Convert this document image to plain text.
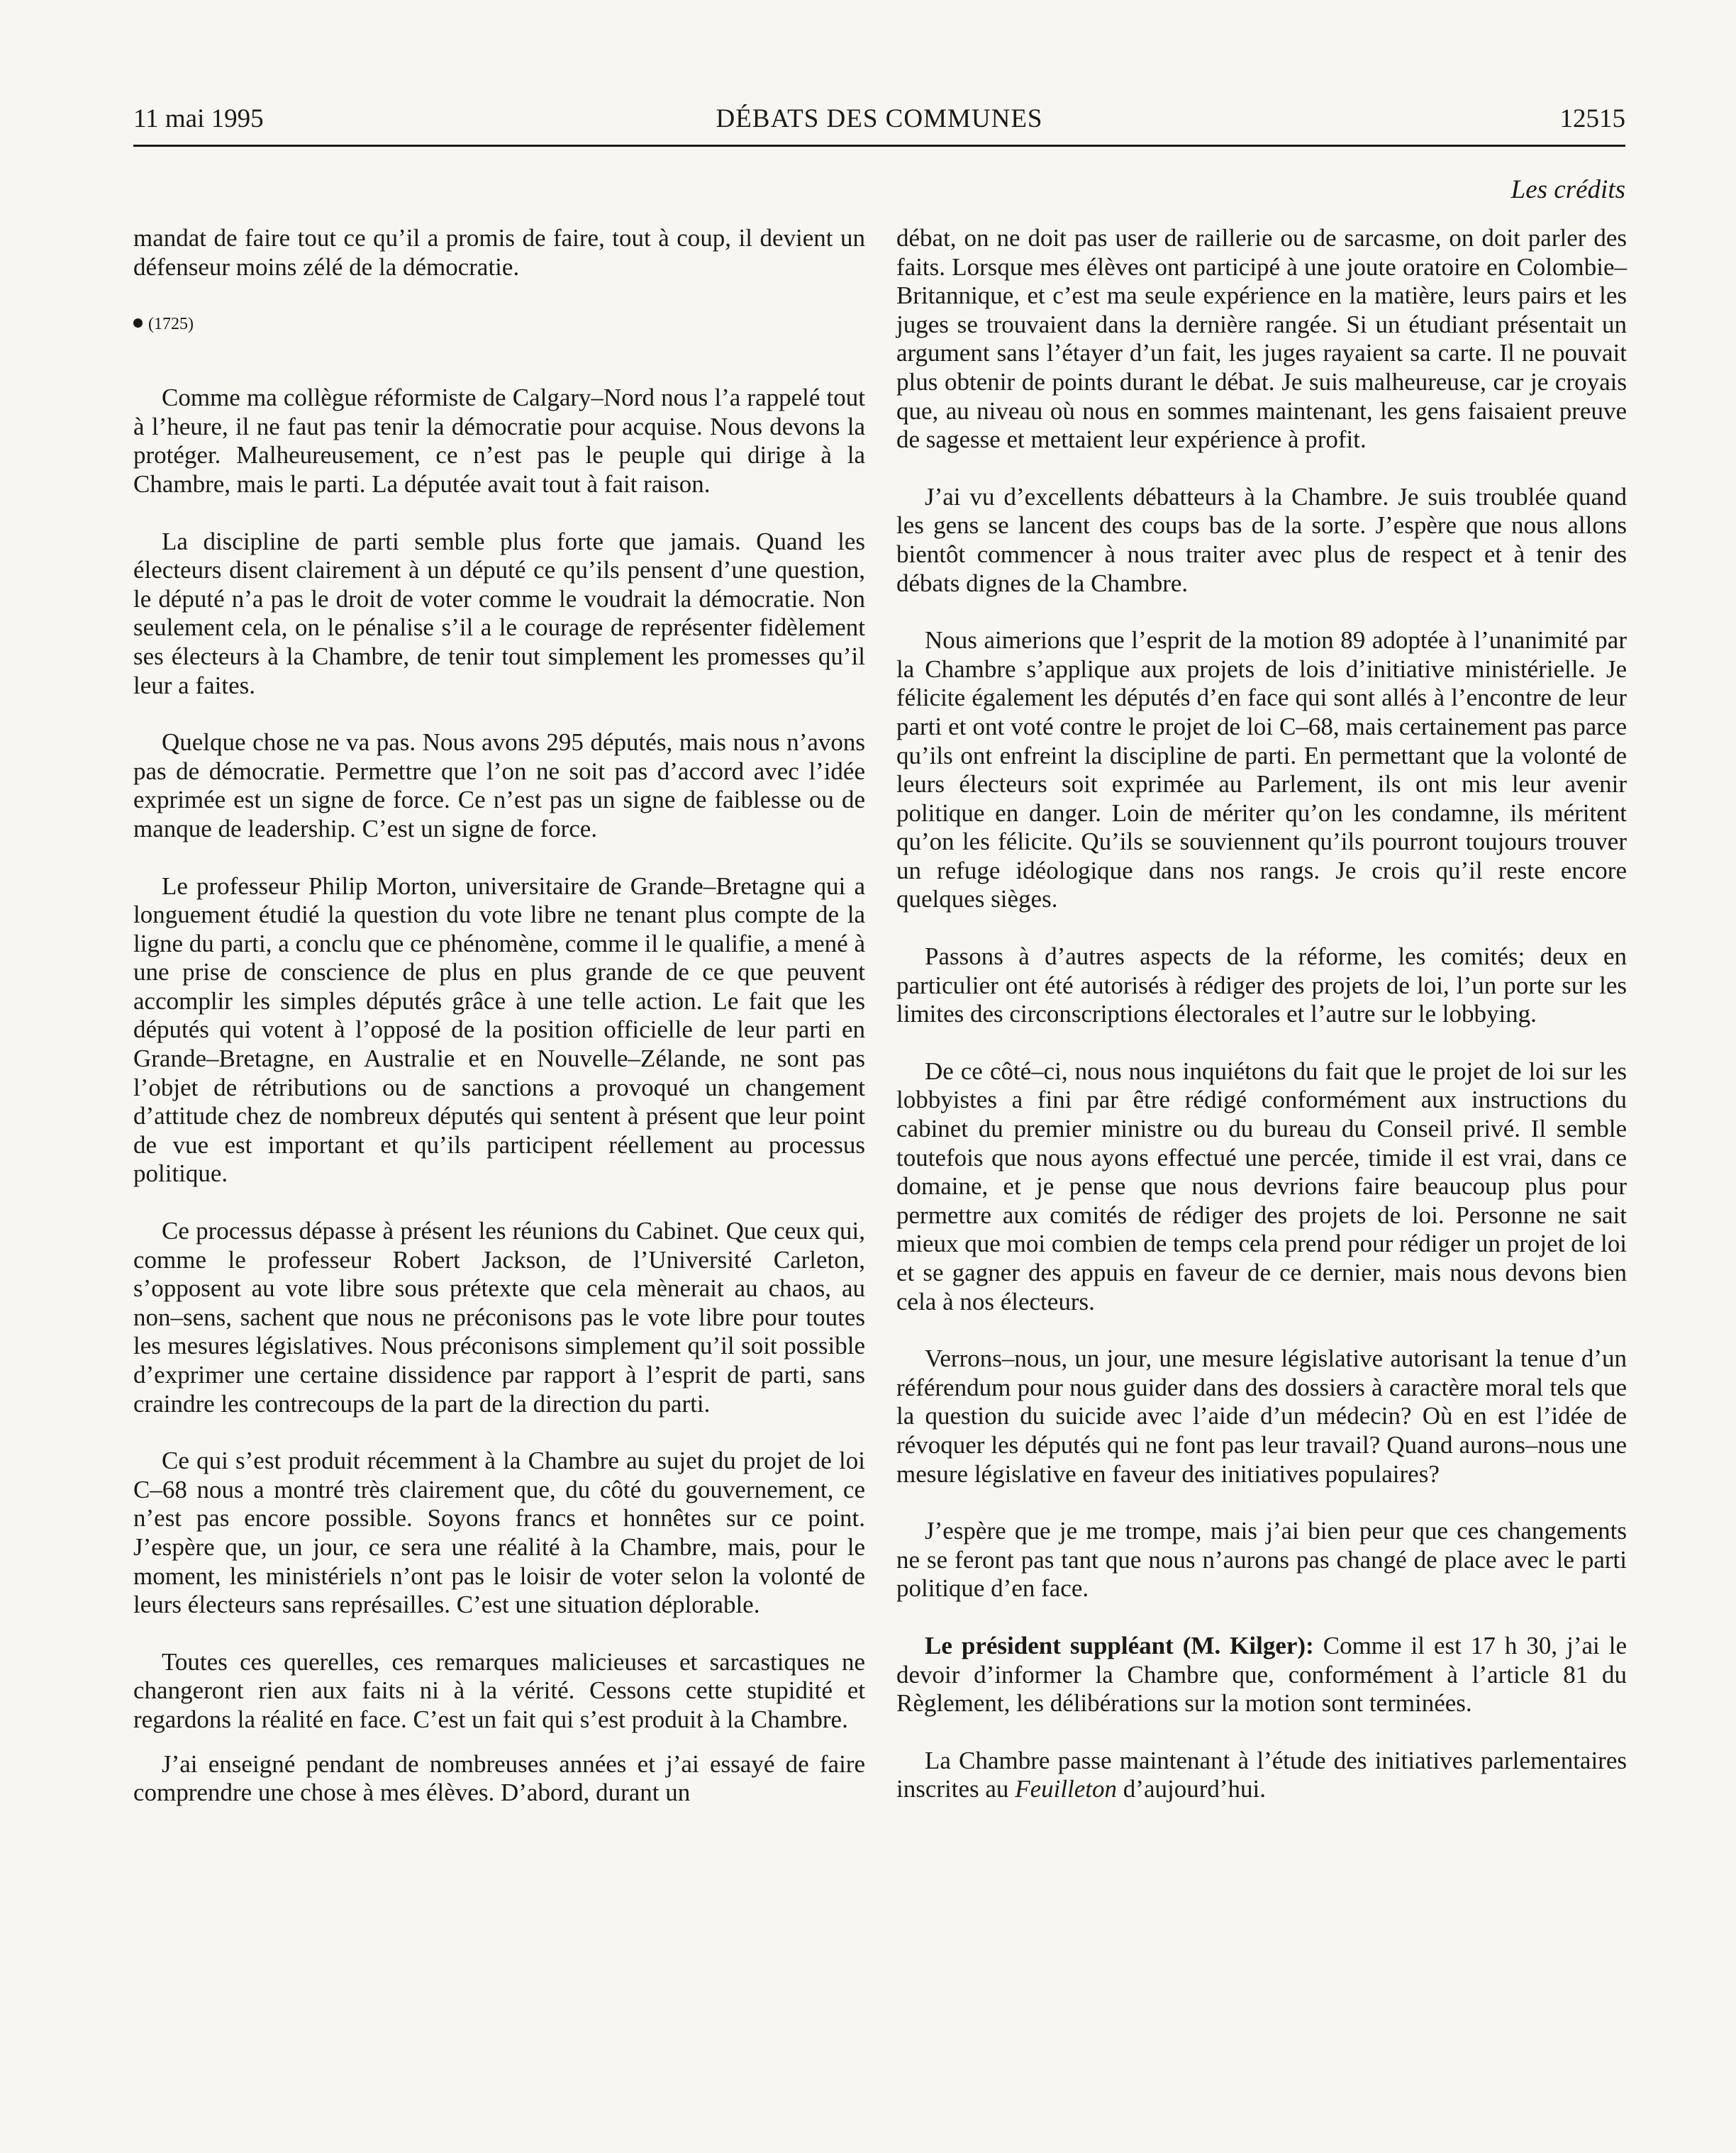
11 mai 1995	DÉBATS DES COMMUNES	12515
Les crédits

mandat de faire tout ce qu’il a promis de faire, tout à coup, il devient un défenseur moins zélé de la démocratie.

(1725)

Comme ma collègue réformiste de Calgary–Nord nous l’a rappelé tout à l’heure, il ne faut pas tenir la démocratie pour acquise. Nous devons la protéger. Malheureusement, ce n’est pas le peuple qui dirige à la Chambre, mais le parti. La députée avait tout à fait raison.

La discipline de parti semble plus forte que jamais. Quand les électeurs disent clairement à un député ce qu’ils pensent d’une question, le député n’a pas le droit de voter comme le voudrait la démocratie. Non seulement cela, on le pénalise s’il a le courage de représenter fidèlement ses électeurs à la Chambre, de tenir tout simplement les promesses qu’il leur a faites.

Quelque chose ne va pas. Nous avons 295 députés, mais nous n’avons pas de démocratie. Permettre que l’on ne soit pas d’accord avec l’idée exprimée est un signe de force. Ce n’est pas un signe de faiblesse ou de manque de leadership. C’est un signe de force.

Le professeur Philip Morton, universitaire de Grande–Bretagne qui a longuement étudié la question du vote libre ne tenant plus compte de la ligne du parti, a conclu que ce phénomène, comme il le qualifie, a mené à une prise de conscience de plus en plus grande de ce que peuvent accomplir les simples députés grâce à une telle action. Le fait que les députés qui votent à l’opposé de la position officielle de leur parti en Grande–Bretagne, en Australie et en Nouvelle–Zélande, ne sont pas l’objet de rétributions ou de sanctions a provoqué un changement d’attitude chez de nombreux députés qui sentent à présent que leur point de vue est important et qu’ils participent réellement au processus politique.

Ce processus dépasse à présent les réunions du Cabinet. Que ceux qui, comme le professeur Robert Jackson, de l’Université Carleton, s’opposent au vote libre sous prétexte que cela mènerait au chaos, au non–sens, sachent que nous ne préconisons pas le vote libre pour toutes les mesures législatives. Nous préconisons simplement qu’il soit possible d’exprimer une certaine dissidence par rapport à l’esprit de parti, sans craindre les contrecoups de la part de la direction du parti.

Ce qui s’est produit récemment à la Chambre au sujet du projet de loi C–68 nous a montré très clairement que, du côté du gouvernement, ce n’est pas encore possible. Soyons francs et honnêtes sur ce point. J’espère que, un jour, ce sera une réalité à la Chambre, mais, pour le moment, les ministériels n’ont pas le loisir de voter selon la volonté de leurs électeurs sans représailles. C’est une situation déplorable.

Toutes ces querelles, ces remarques malicieuses et sarcastiques ne changeront rien aux faits ni à la vérité. Cessons cette stupidité et regardons la réalité en face. C’est un fait qui s’est produit à la Chambre.

J’ai enseigné pendant de nombreuses années et j’ai essayé de faire comprendre une chose à mes élèves. D’abord, durant un

débat, on ne doit pas user de raillerie ou de sarcasme, on doit parler des faits. Lorsque mes élèves ont participé à une joute oratoire en Colombie–Britannique, et c’est ma seule expérience en la matière, leurs pairs et les juges se trouvaient dans la dernière rangée. Si un étudiant présentait un argument sans l’étayer d’un fait, les juges rayaient sa carte. Il ne pouvait plus obtenir de points durant le débat. Je suis malheureuse, car je croyais que, au niveau où nous en sommes maintenant, les gens faisaient preuve de sagesse et mettaient leur expérience à profit.

J’ai vu d’excellents débatteurs à la Chambre. Je suis troublée quand les gens se lancent des coups bas de la sorte. J’espère que nous allons bientôt commencer à nous traiter avec plus de respect et à tenir des débats dignes de la Chambre.

Nous aimerions que l’esprit de la motion 89 adoptée à l’unanimité par la Chambre s’applique aux projets de lois d’initiative ministérielle. Je félicite également les députés d’en face qui sont allés à l’encontre de leur parti et ont voté contre le projet de loi C–68, mais certainement pas parce qu’ils ont enfreint la discipline de parti. En permettant que la volonté de leurs électeurs soit exprimée au Parlement, ils ont mis leur avenir politique en danger. Loin de mériter qu’on les condamne, ils méritent qu’on les félicite. Qu’ils se souviennent qu’ils pourront toujours trouver un refuge idéologique dans nos rangs. Je crois qu’il reste encore quelques sièges.

Passons à d’autres aspects de la réforme, les comités; deux en particulier ont été autorisés à rédiger des projets de loi, l’un porte sur les limites des circonscriptions électorales et l’autre sur le lobbying.

De ce côté–ci, nous nous inquiétons du fait que le projet de loi sur les lobbyistes a fini par être rédigé conformément aux instructions du cabinet du premier ministre ou du bureau du Conseil privé. Il semble toutefois que nous ayons effectué une percée, timide il est vrai, dans ce domaine, et je pense que nous devrions faire beaucoup plus pour permettre aux comités de rédiger des projets de loi. Personne ne sait mieux que moi combien de temps cela prend pour rédiger un projet de loi et se gagner des appuis en faveur de ce dernier, mais nous devons bien cela à nos électeurs.

Verrons–nous, un jour, une mesure législative autorisant la tenue d’un référendum pour nous guider dans des dossiers à caractère moral tels que la question du suicide avec l’aide d’un médecin? Où en est l’idée de révoquer les députés qui ne font pas leur travail? Quand aurons–nous une mesure législative en faveur des initiatives populaires?

J’espère que je me trompe, mais j’ai bien peur que ces changements ne se feront pas tant que nous n’aurons pas changé de place avec le parti politique d’en face.

Le président suppléant (M. Kilger): Comme il est 17 h 30, j’ai le devoir d’informer la Chambre que, conformément à l’article 81 du Règlement, les délibérations sur la motion sont terminées.

La Chambre passe maintenant à l’étude des initiatives parlementaires inscrites au Feuilleton d’aujourd’hui.
